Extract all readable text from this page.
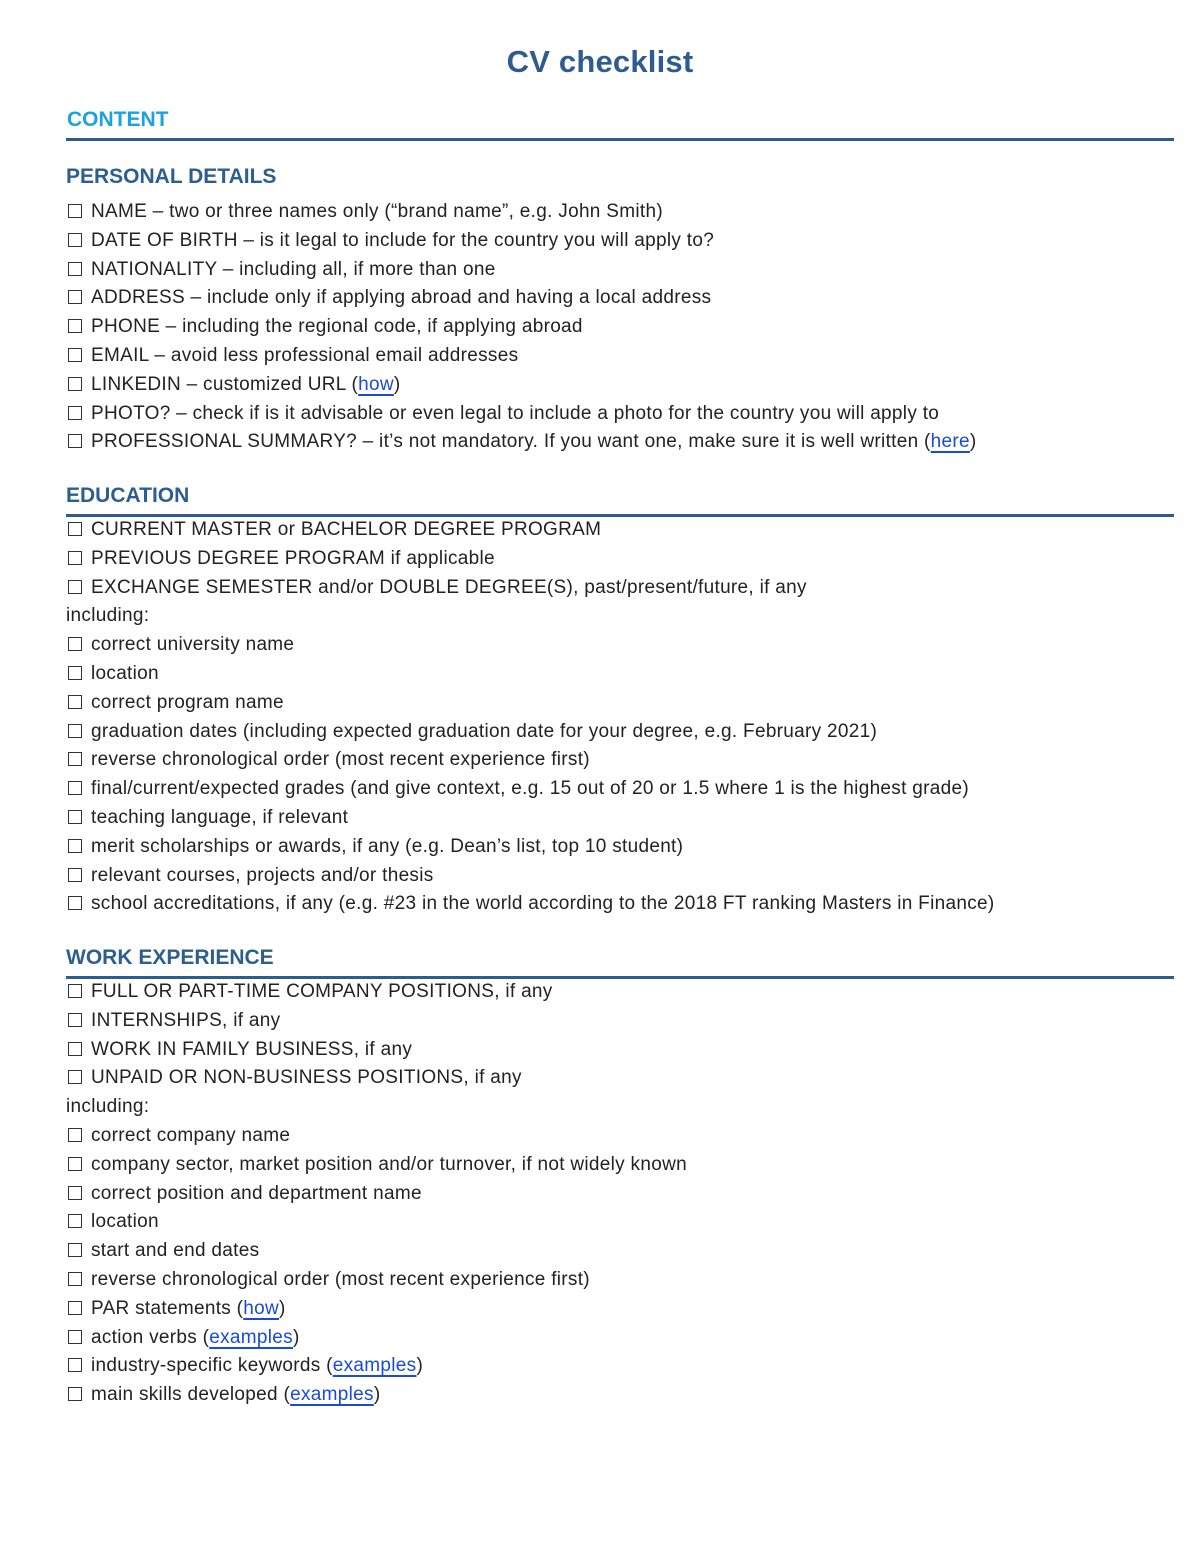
CV checklist
CONTENT
PERSONAL DETAILS
NAME – two or three names only (“brand name”, e.g. John Smith)
DATE OF BIRTH – is it legal to include for the country you will apply to?
NATIONALITY – including all, if more than one
ADDRESS – include only if applying abroad and having a local address
PHONE – including the regional code, if applying abroad
EMAIL – avoid less professional email addresses
LINKEDIN – customized URL (how)
PHOTO? – check if is it advisable or even legal to include a photo for the country you will apply to
PROFESSIONAL SUMMARY? – it’s not mandatory. If you want one, make sure it is well written (here)
EDUCATION
CURRENT MASTER or BACHELOR DEGREE PROGRAM
PREVIOUS DEGREE PROGRAM if applicable
EXCHANGE SEMESTER and/or DOUBLE DEGREE(S), past/present/future, if any
including:
correct university name
location
correct program name
graduation dates (including expected graduation date for your degree, e.g. February 2021)
reverse chronological order (most recent experience first)
final/current/expected grades (and give context, e.g. 15 out of 20 or 1.5 where 1 is the highest grade)
teaching language, if relevant
merit scholarships or awards, if any (e.g. Dean’s list, top 10 student)
relevant courses, projects and/or thesis
school accreditations, if any (e.g. #23 in the world according to the 2018 FT ranking Masters in Finance)
WORK EXPERIENCE
FULL OR PART-TIME COMPANY POSITIONS, if any
INTERNSHIPS, if any
WORK IN FAMILY BUSINESS, if any
UNPAID OR NON-BUSINESS POSITIONS, if any
including:
correct company name
company sector, market position and/or turnover, if not widely known
correct position and department name
location
start and end dates
reverse chronological order (most recent experience first)
PAR statements (how)
action verbs (examples)
industry-specific keywords (examples)
main skills developed (examples)
